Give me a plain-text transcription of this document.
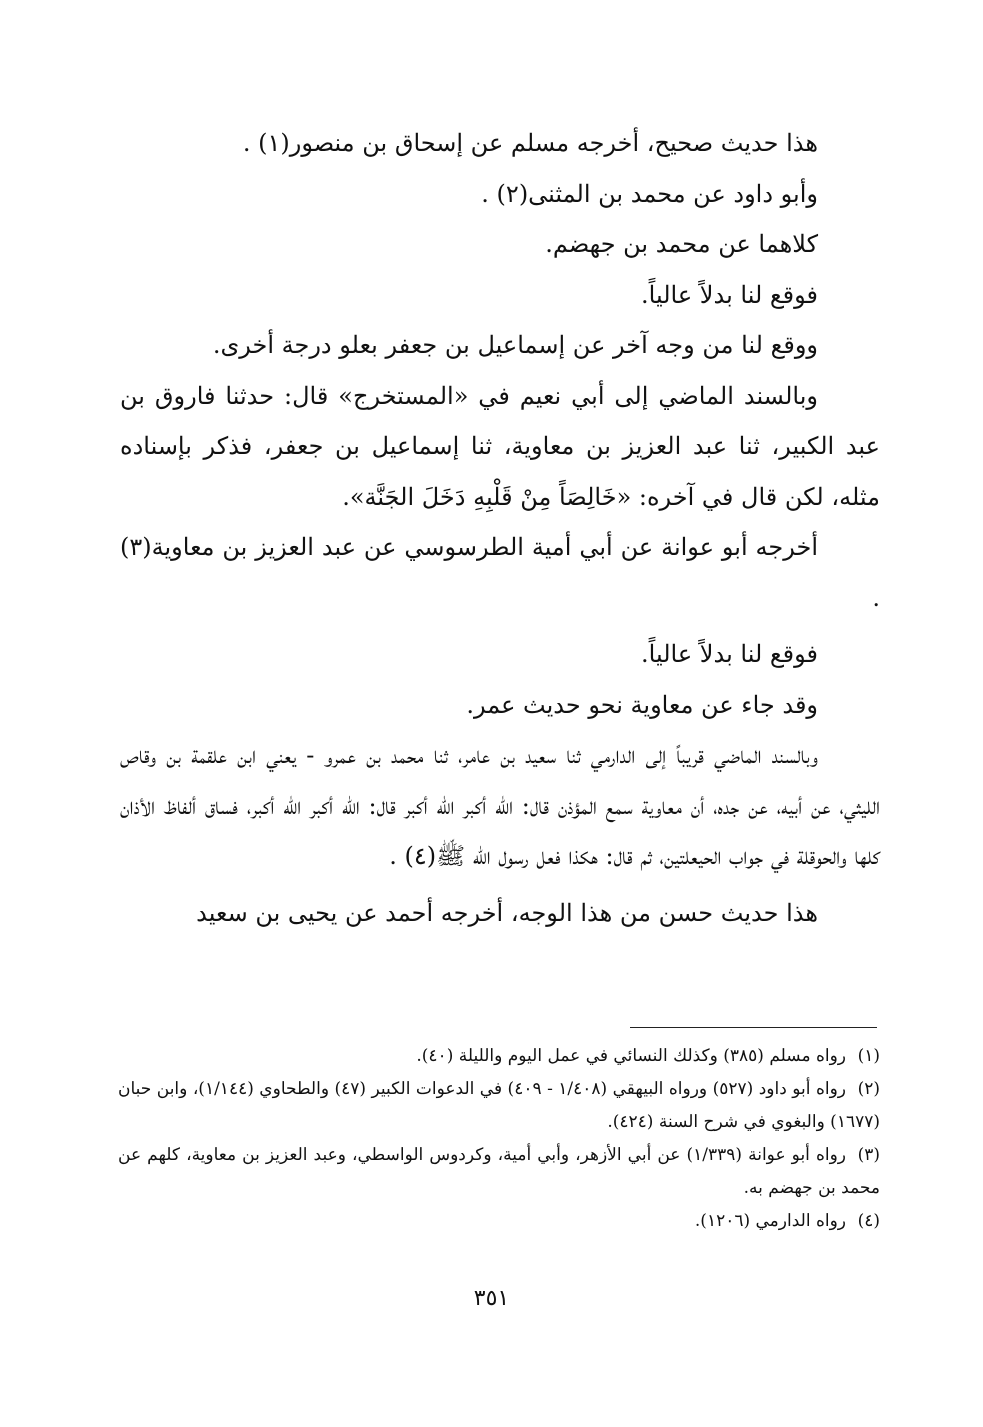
هذا حديث صحيح، أخرجه مسلم عن إسحاق بن منصور(١) .

وأبو داود عن محمد بن المثنى(٢) .

كلاهما عن محمد بن جهضم.

فوقع لنا بدلاً عالياً.

ووقع لنا من وجه آخر عن إسماعيل بن جعفر بعلو درجة أخرى.

وبالسند الماضي إلى أبي نعيم في «المستخرج» قال: حدثنا فاروق بن عبد الكبير، ثنا عبد العزيز بن معاوية، ثنا إسماعيل بن جعفر، فذكر بإسناده مثله، لكن قال في آخره: «خَالِصَاً مِنْ قَلْبِهِ دَخَلَ الجَنَّة».

أخرجه أبو عوانة عن أبي أمية الطرسوسي عن عبد العزيز بن معاوية(٣) .

فوقع لنا بدلاً عالياً.

وقد جاء عن معاوية نحو حديث عمر.

وبالسند الماضي قريباً إلى الدارمي ثنا سعيد بن عامر، ثنا محمد بن عمرو - يعني ابن علقمة بن وقاص الليثي، عن أبيه، عن جده، أن معاوية سمع المؤذن قال: الله أكبر الله أكبر قال: الله أكبر الله أكبر، فساق ألفاظ الأذان كلها والحوقلة في جواب الحيعلتين، ثم قال: هكذا فعل رسول الله ﷺ(٤) .

هذا حديث حسن من هذا الوجه، أخرجه أحمد عن يحيى بن سعيد

(١)رواه مسلم (٣٨٥) وكذلك النسائي في عمل اليوم والليلة (٤٠).

(٢)رواه أبو داود (٥٢٧) ورواه البيهقي (١/٤٠٨ - ٤٠٩) في الدعوات الكبير (٤٧) والطحاوي (١/١٤٤)، وابن حبان (١٦٧٧) والبغوي في شرح السنة (٤٢٤).

(٣)رواه أبو عوانة (١/٣٣٩) عن أبي الأزهر، وأبي أمية، وكردوس الواسطي، وعبد العزيز بن معاوية، كلهم عن محمد بن جهضم به.

(٤)رواه الدارمي (١٢٠٦).

٣٥١
